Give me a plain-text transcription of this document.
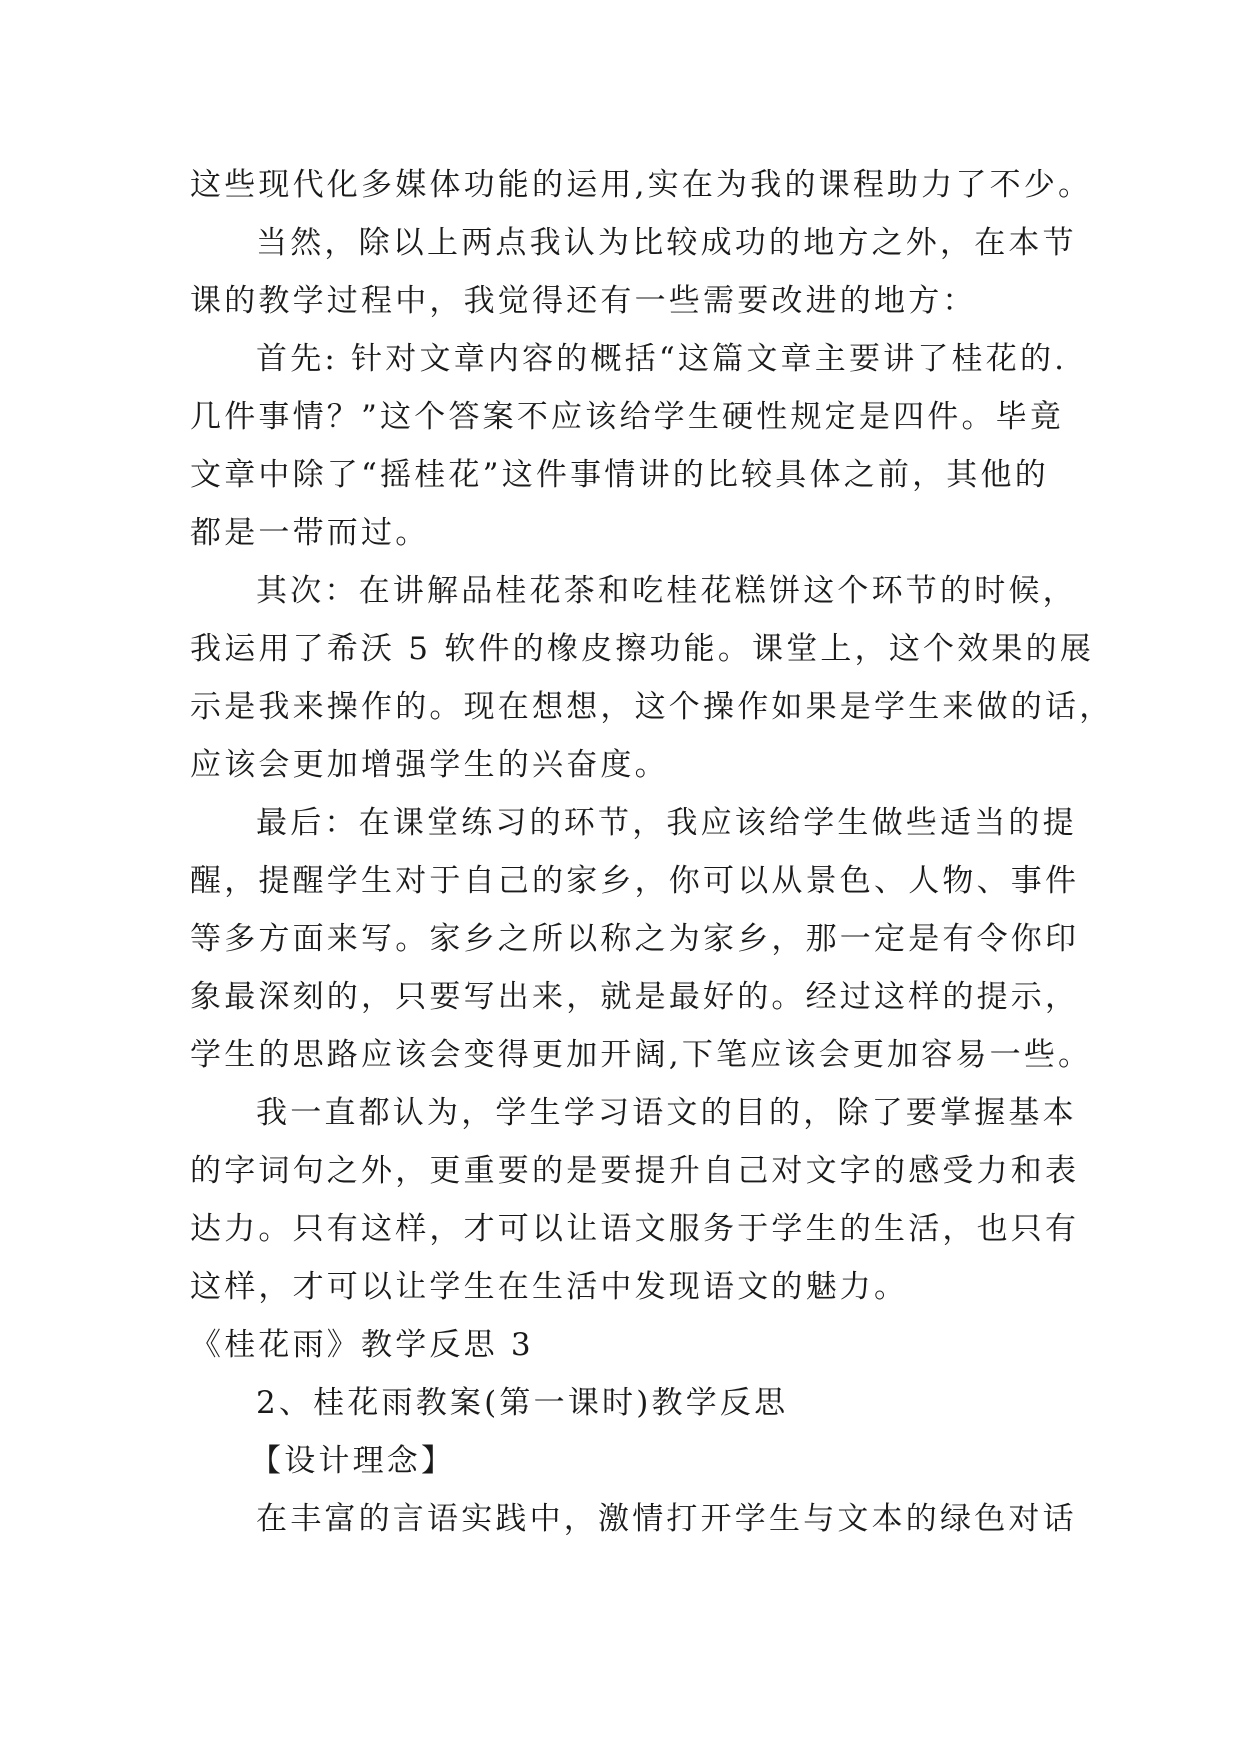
这些现代化多媒体功能的运用,实在为我的课程助力了不少。
当然，除以上两点我认为比较成功的地方之外，在本节
课的教学过程中，我觉得还有一些需要改进的地方：
首先: 针对文章内容的概括“这篇文章主要讲了桂花的.
几件事情？”这个答案不应该给学生硬性规定是四件。毕竟
文章中除了“摇桂花”这件事情讲的比较具体之前，其他的
都是一带而过。
其次：在讲解品桂花茶和吃桂花糕饼这个环节的时候，
我运用了希沃 5 软件的橡皮擦功能。课堂上，这个效果的展
示是我来操作的。现在想想，这个操作如果是学生来做的话，
应该会更加增强学生的兴奋度。
最后：在课堂练习的环节，我应该给学生做些适当的提
醒，提醒学生对于自己的家乡，你可以从景色、人物、事件
等多方面来写。家乡之所以称之为家乡，那一定是有令你印
象最深刻的，只要写出来，就是最好的。经过这样的提示，
学生的思路应该会变得更加开阔,下笔应该会更加容易一些。
我一直都认为，学生学习语文的目的，除了要掌握基本
的字词句之外，更重要的是要提升自己对文字的感受力和表
达力。只有这样，才可以让语文服务于学生的生活，也只有
这样，才可以让学生在生活中发现语文的魅力。
《桂花雨》教学反思 3
2、桂花雨教案(第一课时)教学反思
【设计理念】
在丰富的言语实践中，激情打开学生与文本的绿色对话
